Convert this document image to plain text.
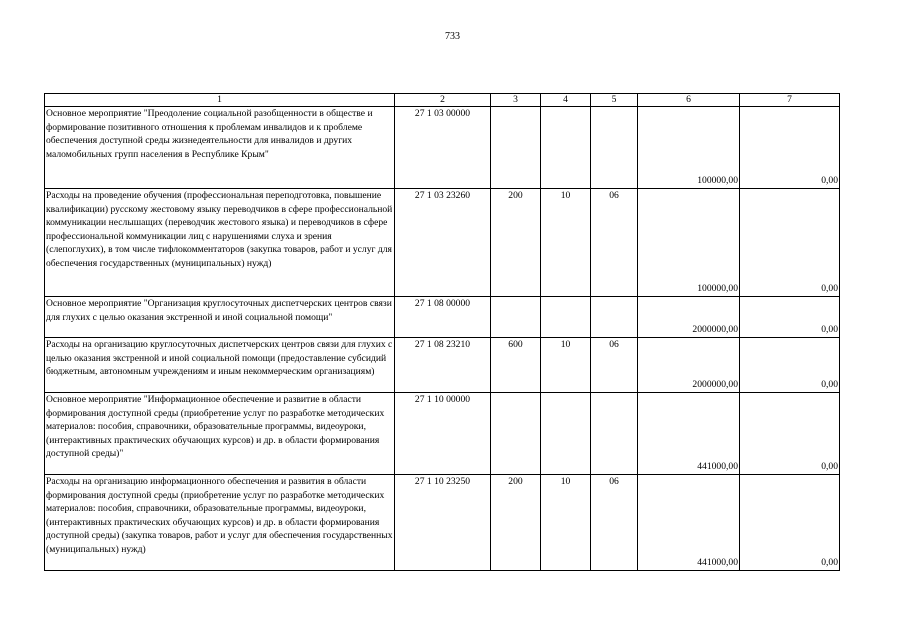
733
1	2	3	4	5	6	7
Основное мероприятие "Преодоление социальной разобщенности в обществе и формирование позитивного отношения к проблемам инвалидов и к проблеме обеспечения доступной среды жизнедеятельности для инвалидов и других маломобильных групп населения в Республике Крым"	27 1 03 00000				100000,00	0,00
Расходы на проведение обучения (профессиональная переподготовка, повышение квалификации) русскому жестовому языку переводчиков в сфере профессиональной коммуникации неслышащих (переводчик жестового языка) и переводчиков в сфере профессиональной коммуникации лиц с нарушениями слуха и зрения (слепоглухих), в том числе тифлокомментаторов (закупка товаров, работ и услуг для обеспечения государственных (муниципальных) нужд)	27 1 03 23260	200	10	06	100000,00	0,00
Основное мероприятие "Организация круглосуточных диспетчерских центров связи для глухих с целью оказания экстренной и иной социальной помощи"	27 1 08 00000				2000000,00	0,00
Расходы на организацию круглосуточных диспетчерских центров связи для глухих с целью оказания экстренной и иной социальной помощи (предоставление субсидий бюджетным, автономным учреждениям и иным некоммерческим организациям)	27 1 08 23210	600	10	06	2000000,00	0,00
Основное мероприятие "Информационное обеспечение и развитие в области формирования доступной среды (приобретение услуг по разработке методических материалов: пособия, справочники, образовательные программы, видеоуроки, (интерактивных практических обучающих курсов) и др. в области формирования доступной среды)"	27 1 10 00000				441000,00	0,00
Расходы на организацию информационного обеспечения и развития в области формирования доступной среды (приобретение услуг по разработке методических материалов: пособия, справочники, образовательные программы, видеоуроки, (интерактивных практических обучающих курсов) и др. в области формирования доступной среды) (закупка товаров, работ и услуг для обеспечения государственных (муниципальных) нужд)	27 1 10 23250	200	10	06	441000,00	0,00
